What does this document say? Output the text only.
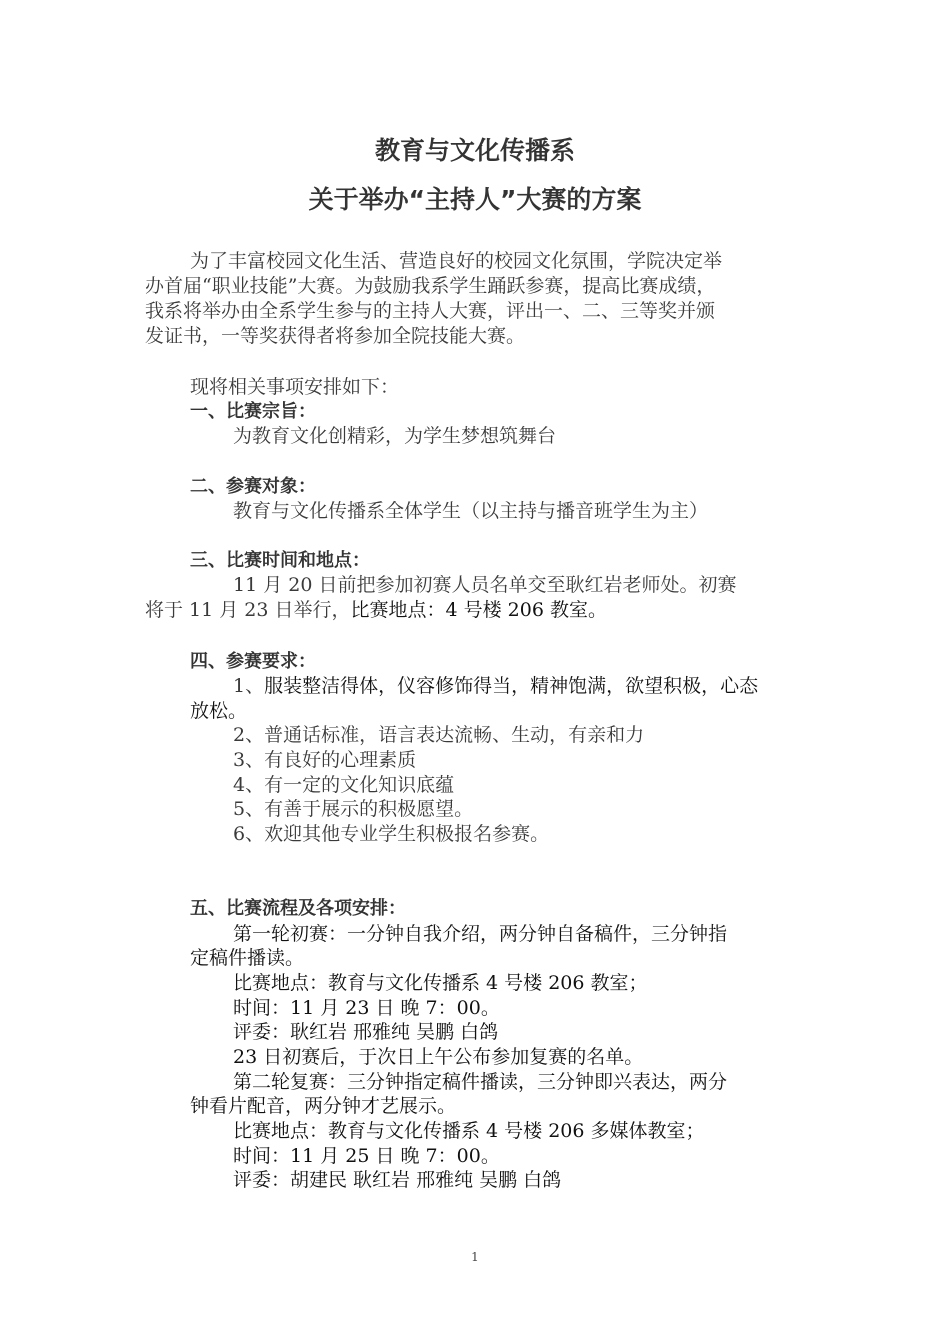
教育与文化传播系
关于举办“主持人”大赛的方案

为了丰富校园文化生活、营造良好的校园文化氛围，学院决定举

办首届“职业技能”大赛。为鼓励我系学生踊跃参赛，提高比赛成绩，

我系将举办由全系学生参与的主持人大赛，评出一、二、三等奖并颁

发证书，一等奖获得者将参加全院技能大赛。

现将相关事项安排如下：

一、比赛宗旨：

为教育文化创精彩，为学生梦想筑舞台

二、参赛对象：

教育与文化传播系全体学生（以主持与播音班学生为主）

三、比赛时间和地点：

11 月 20 日前把参加初赛人员名单交至耿红岩老师处。初赛

将于 11 月 23 日举行，比赛地点：4 号楼 206 教室。

四、参赛要求：

1、服装整洁得体，仪容修饰得当，精神饱满，欲望积极，心态

放松。

2、普通话标准，语言表达流畅、生动，有亲和力

3、有良好的心理素质

4、有一定的文化知识底蕴

5、有善于展示的积极愿望。

6、欢迎其他专业学生积极报名参赛。

五、比赛流程及各项安排：

第一轮初赛：一分钟自我介绍，两分钟自备稿件，三分钟指

定稿件播读。

比赛地点：教育与文化传播系 4 号楼 206 教室；

时间：11 月 23 日 晚 7：00。

评委：耿红岩 邢雅纯 吴鹏 白鸽

23 日初赛后，于次日上午公布参加复赛的名单。

第二轮复赛：三分钟指定稿件播读，三分钟即兴表达，两分

钟看片配音，两分钟才艺展示。

比赛地点：教育与文化传播系 4 号楼 206 多媒体教室；

时间：11 月 25 日 晚 7：00。

评委：胡建民 耿红岩 邢雅纯 吴鹏 白鸽

1
